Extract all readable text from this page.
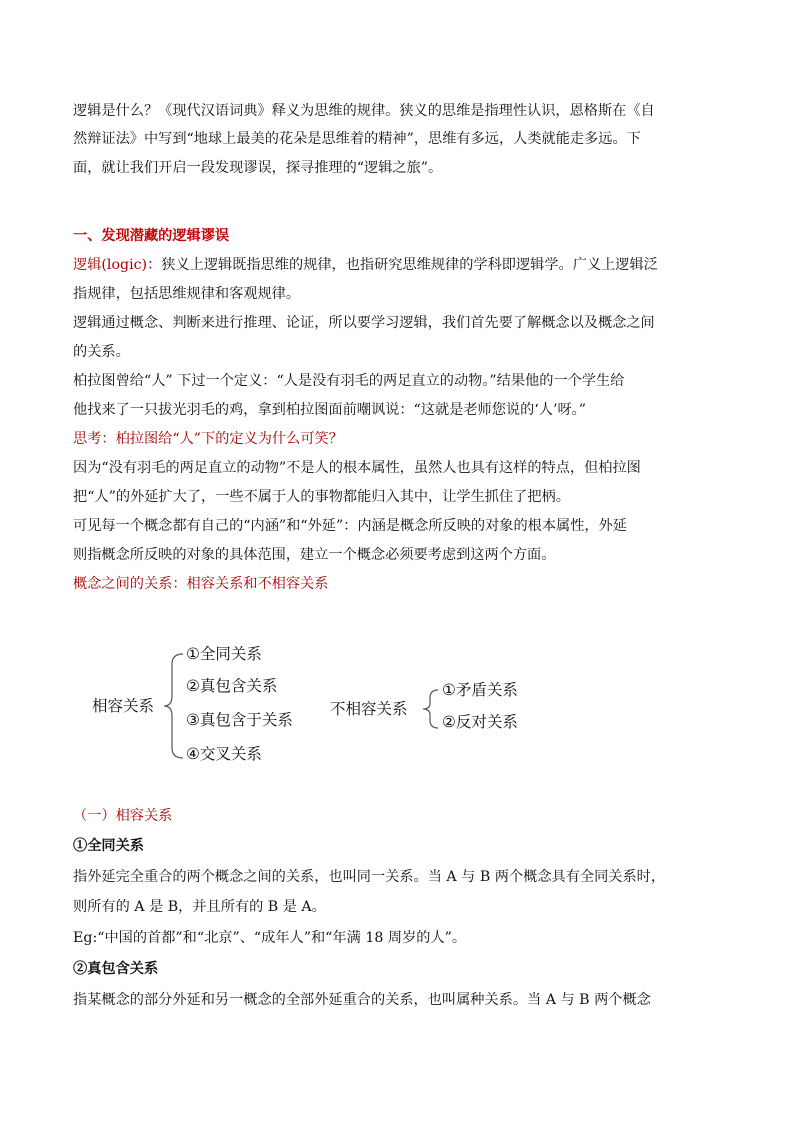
逻辑是什么？《现代汉语词典》释义为思维的规律。狭义的思维是指理性认识，恩格斯在《自
然辩证法》中写到“地球上最美的花朵是思维着的精神”，思维有多远，人类就能走多远。下
面，就让我们开启一段发现谬误，探寻推理的“逻辑之旅”。
一、发现潜藏的逻辑谬误
逻辑(logic)：狭义上逻辑既指思维的规律，也指研究思维规律的学科即逻辑学。广义上逻辑泛
指规律，包括思维规律和客观规律。
逻辑通过概念、判断来进行推理、论证，所以要学习逻辑，我们首先要了解概念以及概念之间
的关系。
柏拉图曾给“人” 下过一个定义：“人是没有羽毛的两足直立的动物。”结果他的一个学生给
他找来了一只拔光羽毛的鸡，拿到柏拉图面前嘲讽说：“这就是老师您说的‘人’呀。”
思考：柏拉图给“人”下的定义为什么可笑？
因为“没有羽毛的两足直立的动物”不是人的根本属性，虽然人也具有这样的特点，但柏拉图
把“人”的外延扩大了，一些不属于人的事物都能归入其中，让学生抓住了把柄。
可见每一个概念都有自己的“内涵”和“外延”：内涵是概念所反映的对象的根本属性，外延
则指概念所反映的对象的具体范围，建立一个概念必须要考虑到这两个方面。
概念之间的关系：相容关系和不相容关系
相容关系
①全同关系
②真包含关系
③真包含于关系
④交叉关系
不相容关系
①矛盾关系
②反对关系
（一）相容关系
①全同关系
指外延完全重合的两个概念之间的关系，也叫同一关系。当 A 与 B 两个概念具有全同关系时，
则所有的 A 是 B，并且所有的 B 是 A。
Eg:“中国的首都”和“北京”、“成年人”和“年满 18 周岁的人”。
②真包含关系
指某概念的部分外延和另一概念的全部外延重合的关系，也叫属种关系。当 A 与 B 两个概念
